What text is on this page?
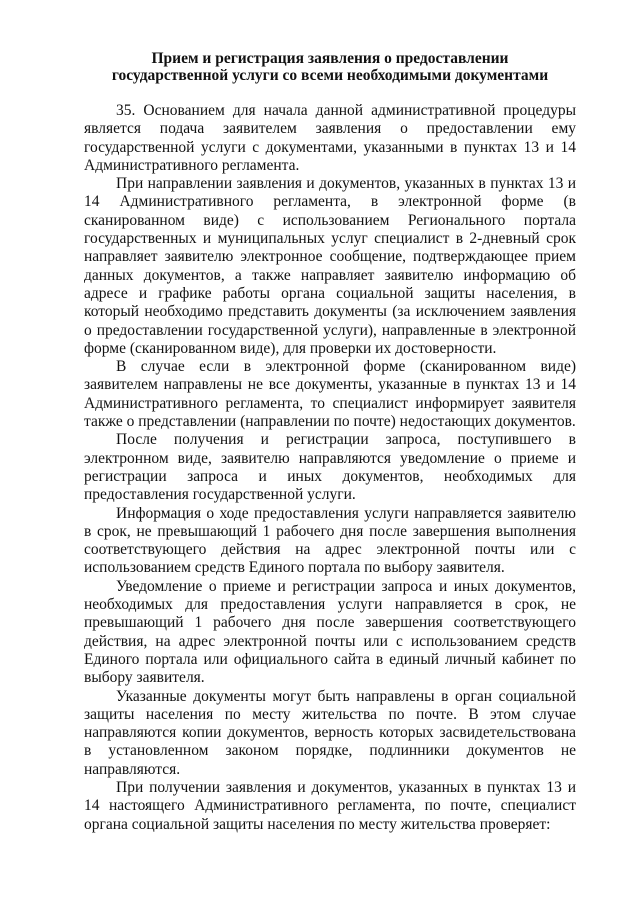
Прием и регистрация заявления о предоставлении
государственной услуги со всеми необходимыми документами

35. Основанием для начала данной административной процедуры является подача заявителем заявления о предоставлении ему государственной услуги с документами, указанными в пунктах 13 и 14 Административного регламента.

При направлении заявления и документов, указанных в пунктах 13 и 14 Административного регламента, в электронной форме (в сканированном виде) с использованием Регионального портала государственных и муниципальных услуг специалист в 2-дневный срок направляет заявителю электронное сообщение, подтверждающее прием данных документов, а также направляет заявителю информацию об адресе и графике работы органа социальной защиты населения, в который необходимо представить документы (за исключением заявления о предоставлении государственной услуги), направленные в электронной форме (сканированном виде), для проверки их достоверности.

В случае если в электронной форме (сканированном виде) заявителем направлены не все документы, указанные в пунктах 13 и 14 Административного регламента, то специалист информирует заявителя также о представлении (направлении по почте) недостающих документов.

После получения и регистрации запроса, поступившего в электронном виде, заявителю направляются уведомление о приеме и регистрации запроса и иных документов, необходимых для предоставления государственной услуги.

Информация о ходе предоставления услуги направляется заявителю в срок, не превышающий 1 рабочего дня после завершения выполнения соответствующего действия на адрес электронной почты или с использованием средств Единого портала по выбору заявителя.

Уведомление о приеме и регистрации запроса и иных документов, необходимых для предоставления услуги направляется в срок, не превышающий 1 рабочего дня после завершения соответствующего действия, на адрес электронной почты или с использованием средств Единого портала или официального сайта в единый личный кабинет по выбору заявителя.

Указанные документы могут быть направлены в орган социальной защиты населения по месту жительства по почте. В этом случае направляются копии документов, верность которых засвидетельствована в установленном законом порядке, подлинники документов не направляются.

При получении заявления и документов, указанных в пунктах 13 и 14 настоящего Административного регламента, по почте, специалист органа социальной защиты населения по месту жительства проверяет:
